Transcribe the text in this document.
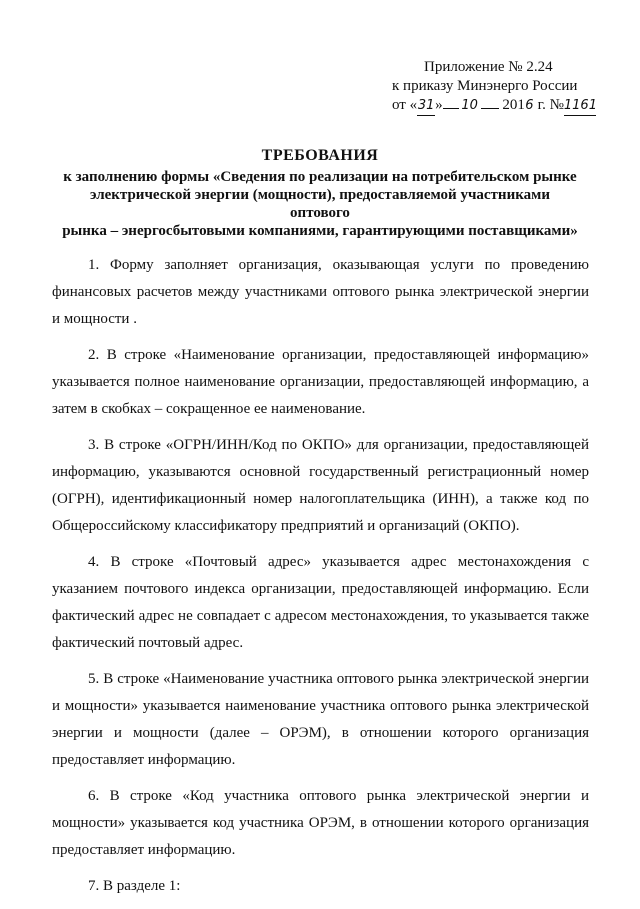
Приложение № 2.24
к приказу Минэнерго России
от «31» 10 2016 г. №1161
ТРЕБОВАНИЯ
к заполнению формы «Сведения по реализации на потребительском рынке
электрической энергии (мощности), предоставляемой участниками оптового
рынка – энергосбытовыми компаниями, гарантирующими поставщиками»

1. Форму заполняет организация, оказывающая услуги по проведению финансовых расчетов между участниками оптового рынка электрической энергии и мощности .

2. В строке «Наименование организации, предоставляющей информацию» указывается полное наименование организации, предоставляющей информацию, а затем в скобках – сокращенное ее наименование.

3. В строке «ОГРН/ИНН/Код по ОКПО» для организации, предоставляющей информацию, указываются основной государственный регистрационный номер (ОГРН), идентификационный номер налогоплательщика (ИНН), а также код по Общероссийскому классификатору предприятий и организаций (ОКПО).

4. В строке «Почтовый адрес» указывается адрес местонахождения с указанием почтового индекса организации, предоставляющей информацию. Если фактический адрес не совпадает с адресом местонахождения, то указывается также фактический почтовый адрес.

5. В строке «Наименование участника оптового рынка электрической энергии и мощности» указывается наименование участника оптового рынка электрической энергии и мощности (далее – ОРЭМ), в отношении которого организация предоставляет информацию.

6. В строке «Код участника оптового рынка электрической энергии и мощности» указывается код участника ОРЭМ, в отношении которого организация предоставляет информацию.

7. В разделе 1:
